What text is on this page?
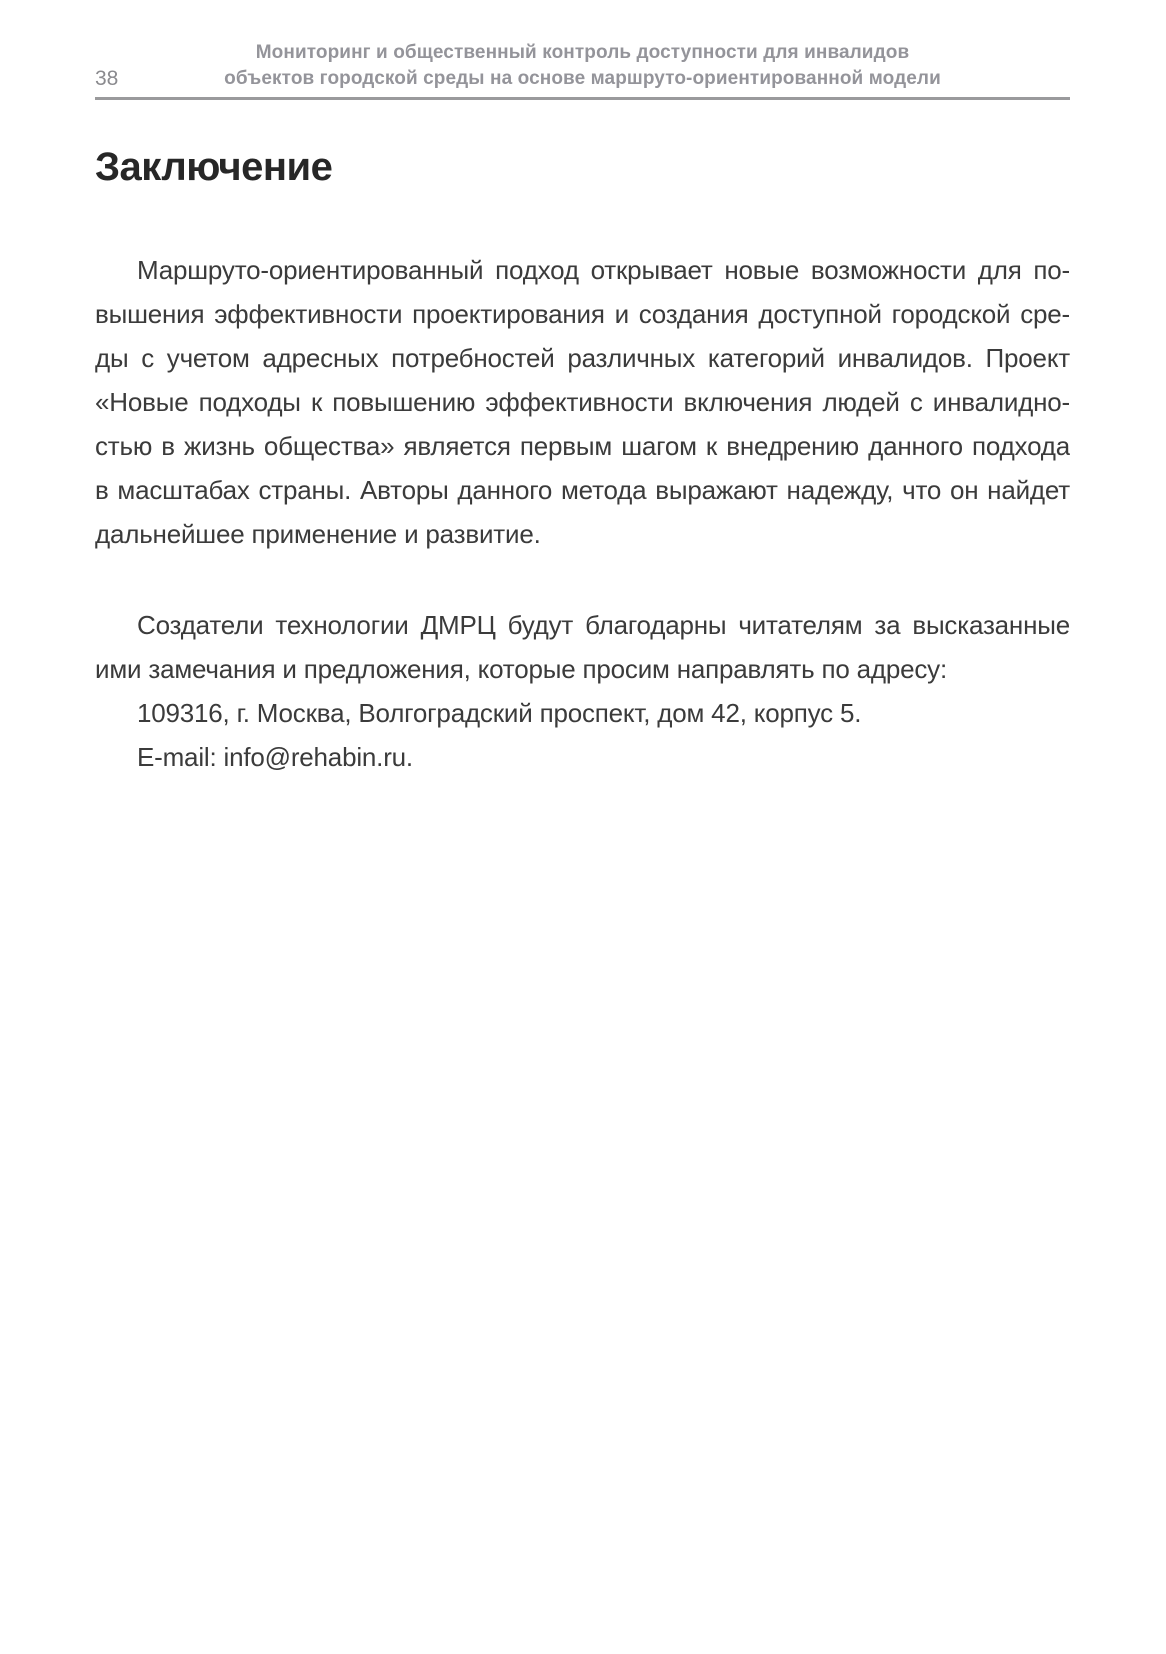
38
Мониторинг и общественный контроль доступности для инвалидов
объектов городской среды на основе маршруто-ориентированной модели
Заключение
Маршруто-ориентированный подход открывает новые возможности для по-
вышения эффективности проектирования и создания доступной городской сре-
ды с учетом адресных потребностей различных категорий инвалидов. Проект
«Новые подходы к повышению эффективности включения людей с инвалидно-
стью в жизнь общества» является первым шагом к внедрению данного подхода
в масштабах страны. Авторы данного метода выражают надежду, что он найдет
дальнейшее применение и развитие.
Создатели технологии ДМРЦ будут благодарны читателям за высказанные
ими замечания и предложения, которые просим направлять по адресу:
109316, г. Москва, Волгоградский проспект, дом 42, корпус 5.
E-mail: info@rehabin.ru.
